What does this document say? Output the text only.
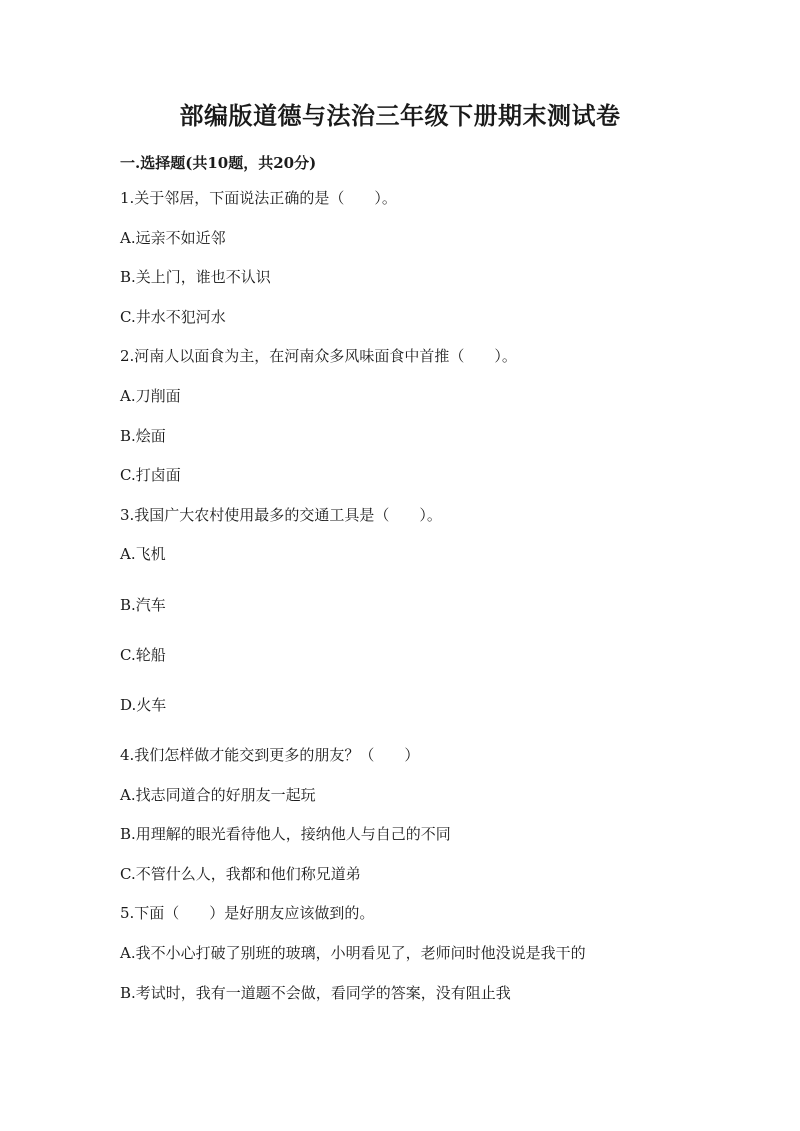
部编版道德与法治三年级下册期末测试卷
一.选择题(共10题，共20分)
1.关于邻居，下面说法正确的是（　　）。
A.远亲不如近邻
B.关上门，谁也不认识
C.井水不犯河水
2.河南人以面食为主，在河南众多风味面食中首推（　　）。
A.刀削面
B.烩面
C.打卤面
3.我国广大农村使用最多的交通工具是（　　）。
A.飞机
B.汽车
C.轮船
D.火车
4.我们怎样做才能交到更多的朋友？（　　）
A.找志同道合的好朋友一起玩
B.用理解的眼光看待他人，接纳他人与自己的不同
C.不管什么人，我都和他们称兄道弟
5.下面（　　）是好朋友应该做到的。
A.我不小心打破了别班的玻璃，小明看见了，老师问时他没说是我干的
B.考试时，我有一道题不会做，看同学的答案，没有阻止我
